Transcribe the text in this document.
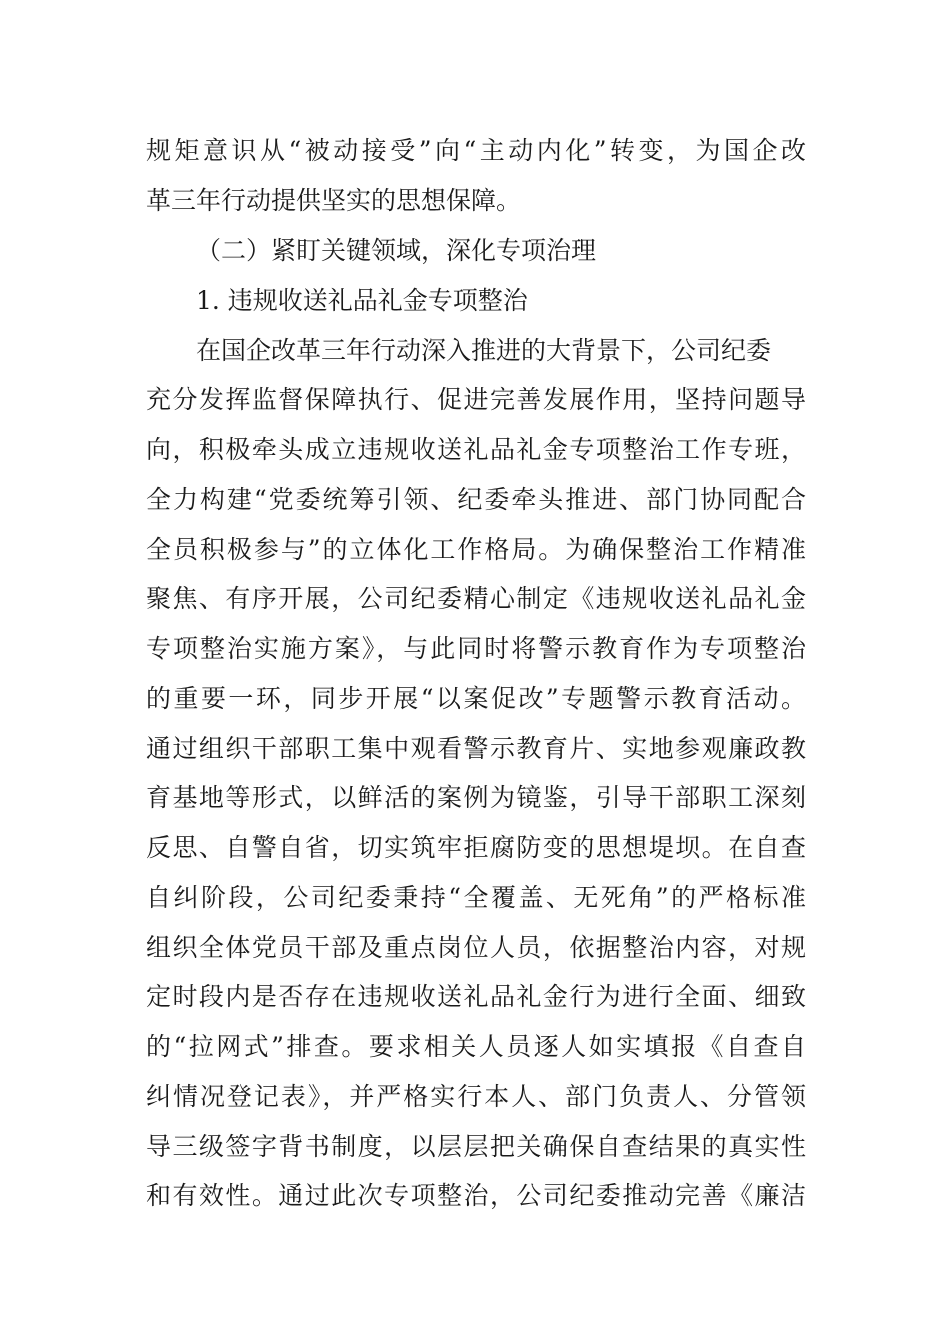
规矩意识从“被动接受”向“主动内化”转变，为国企改
革三年行动提供坚实的思想保障。
（二）紧盯关键领域，深化专项治理
1. 违规收送礼品礼金专项整治
在国企改革三年行动深入推进的大背景下，公司纪委
充分发挥监督保障执行、促进完善发展作用，坚持问题导
向，积极牵头成立违规收送礼品礼金专项整治工作专班，
全力构建“党委统筹引领、纪委牵头推进、部门协同配合
全员积极参与”的立体化工作格局。为确保整治工作精准
聚焦、有序开展，公司纪委精心制定《违规收送礼品礼金
专项整治实施方案》，与此同时将警示教育作为专项整治
的重要一环，同步开展“以案促改”专题警示教育活动。
通过组织干部职工集中观看警示教育片、实地参观廉政教
育基地等形式，以鲜活的案例为镜鉴，引导干部职工深刻
反思、自警自省，切实筑牢拒腐防变的思想堤坝。在自查
自纠阶段，公司纪委秉持“全覆盖、无死角”的严格标准
组织全体党员干部及重点岗位人员，依据整治内容，对规
定时段内是否存在违规收送礼品礼金行为进行全面、细致
的“拉网式”排查。要求相关人员逐人如实填报《自查自
纠情况登记表》，并严格实行本人、部门负责人、分管领
导三级签字背书制度，以层层把关确保自查结果的真实性
和有效性。通过此次专项整治，公司纪委推动完善《廉洁
